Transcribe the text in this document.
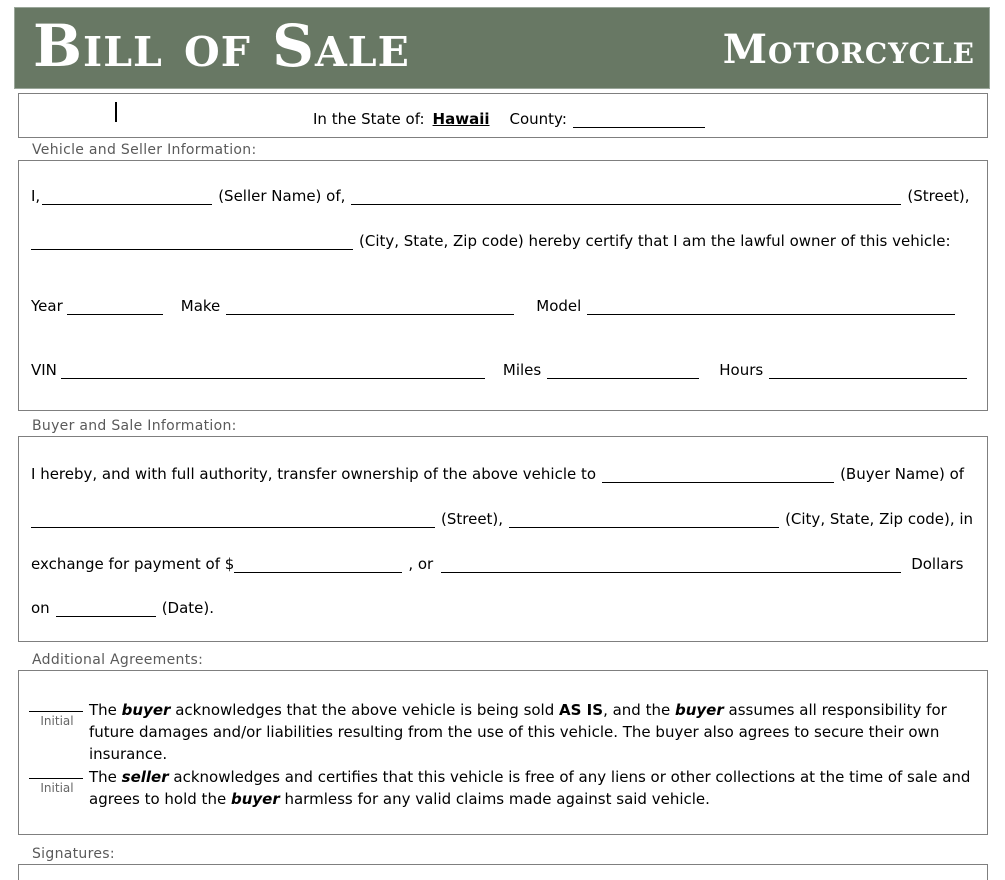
Bill of Sale	Motorcycle
In the State of: Hawaii County:
Vehicle and Seller Information:
I,	(Seller Name) of,	(Street),
(City, State, Zip code) hereby certify that I am the lawful owner of this vehicle:
Year	Make	Model
VIN	Miles	Hours
Buyer and Sale Information:
I hereby, and with full authority, transfer ownership of the above vehicle to	(Buyer Name) of
(Street),	(City, State, Zip code), in
exchange for payment of $	, or	Dollars
on	(Date).
Additional Agreements:
Initial
The buyer acknowledges that the above vehicle is being sold AS IS, and the buyer assumes all responsibility for future damages and/or liabilities resulting from the use of this vehicle. The buyer also agrees to secure their own insurance.
Initial
The seller acknowledges and certifies that this vehicle is free of any liens or other collections at the time of sale and agrees to hold the buyer harmless for any valid claims made against said vehicle.
Signatures:
